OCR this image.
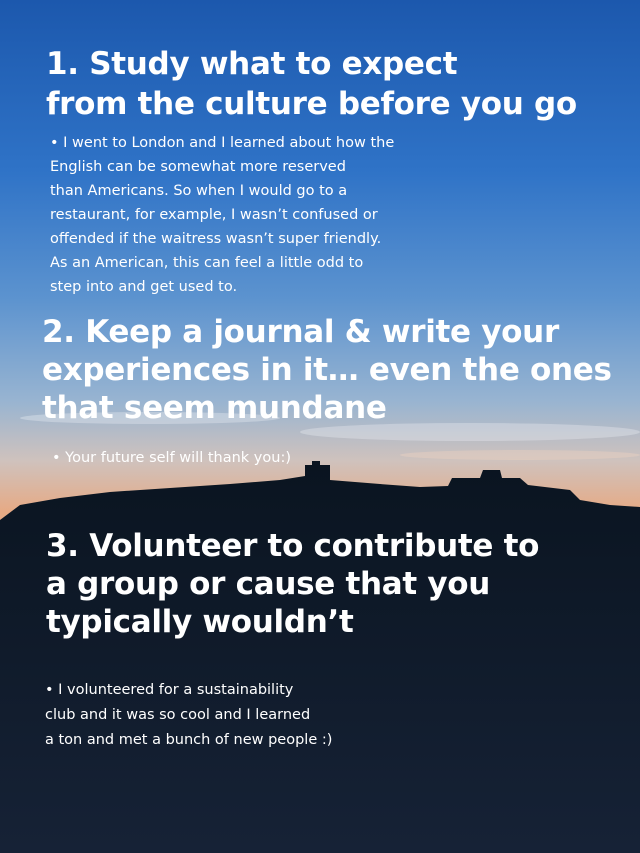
1. Study what to expect
from the culture before you go

• I went to London and I learned about how the
English can be somewhat more reserved
than Americans. So when I would go to a
restaurant, for example, I wasn’t confused or
offended if the waitress wasn’t super friendly.
As an American, this can feel a little odd to
step into and get used to.

2. Keep a journal & write your
experiences in it… even the ones
that seem mundane

• Your future self will thank you:)

3. Volunteer to contribute to
a group or cause that you
typically wouldn’t

• I volunteered for a sustainability
club and it was so cool and I learned
a ton and met a bunch of new people :)
